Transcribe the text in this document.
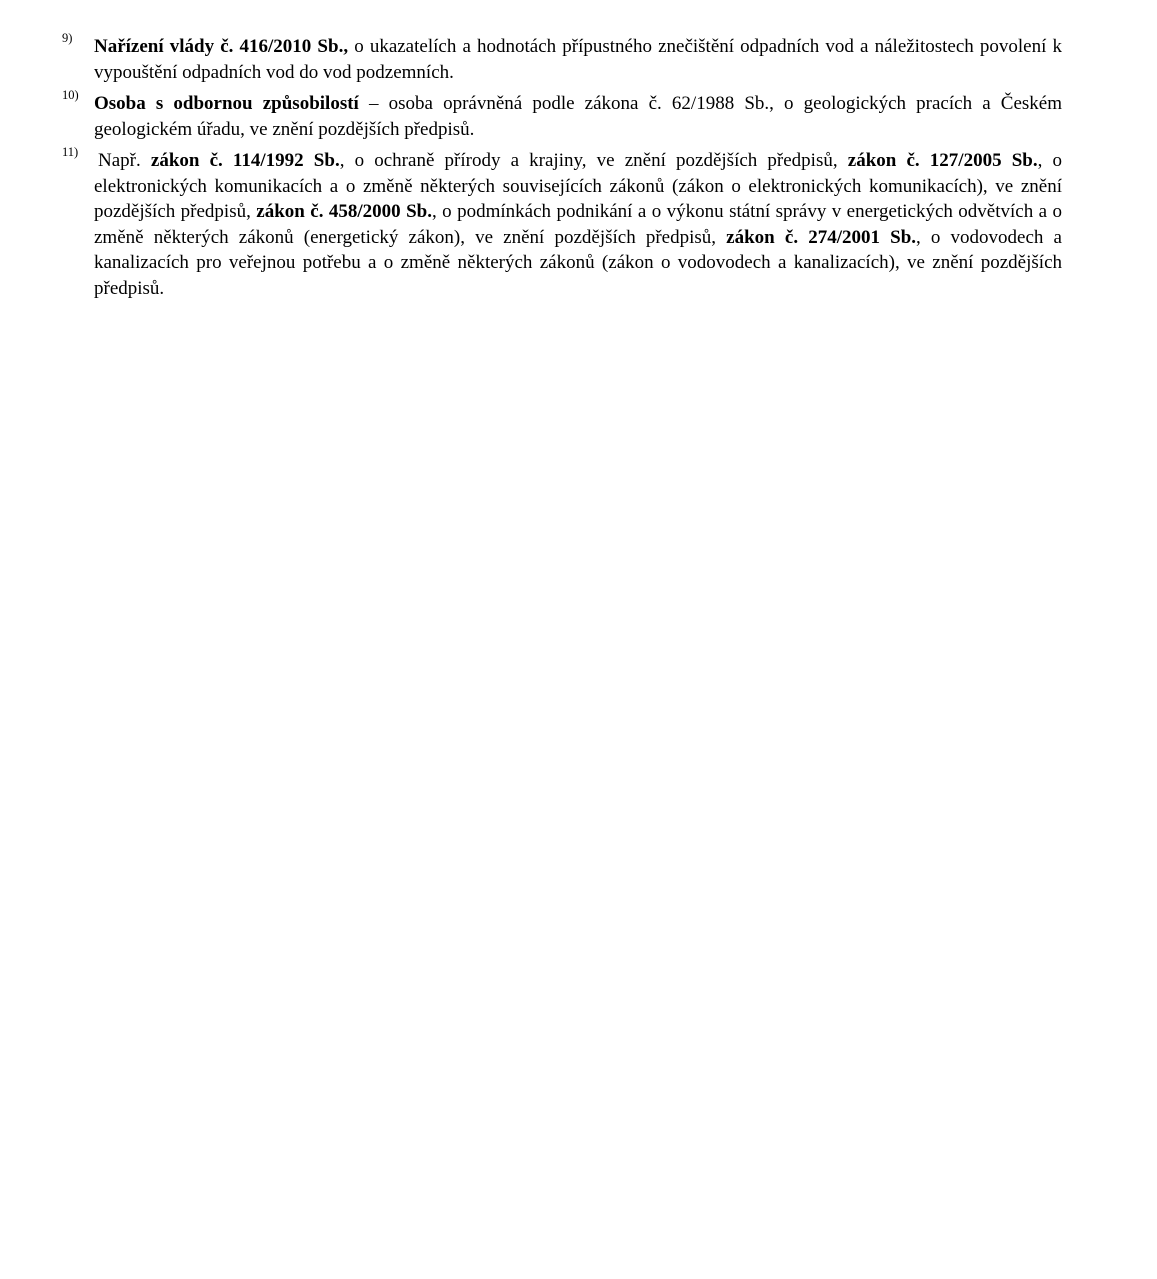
9) Nařízení vlády č. 416/2010 Sb., o ukazatelích a hodnotách přípustného znečištění odpadních vod a náležitostech povolení k vypouštění odpadních vod do vod podzemních.
10) Osoba s odbornou způsobilostí – osoba oprávněná podle zákona č. 62/1988 Sb., o geologických pracích a Českém geologickém úřadu, ve znění pozdějších předpisů.
11) Např. zákon č. 114/1992 Sb., o ochraně přírody a krajiny, ve znění pozdějších předpisů, zákon č. 127/2005 Sb., o elektronických komunikacích a o změně některých souvisejících zákonů (zákon o elektronických komunikacích), ve znění pozdějších předpisů, zákon č. 458/2000 Sb., o podmínkách podnikání a o výkonu státní správy v energetických odvětvích a o změně některých zákonů (energetický zákon), ve znění pozdějších předpisů, zákon č. 274/2001 Sb., o vodovodech a kanalizacích pro veřejnou potřebu a o změně některých zákonů (zákon o vodovodech a kanalizacích), ve znění pozdějších předpisů.
